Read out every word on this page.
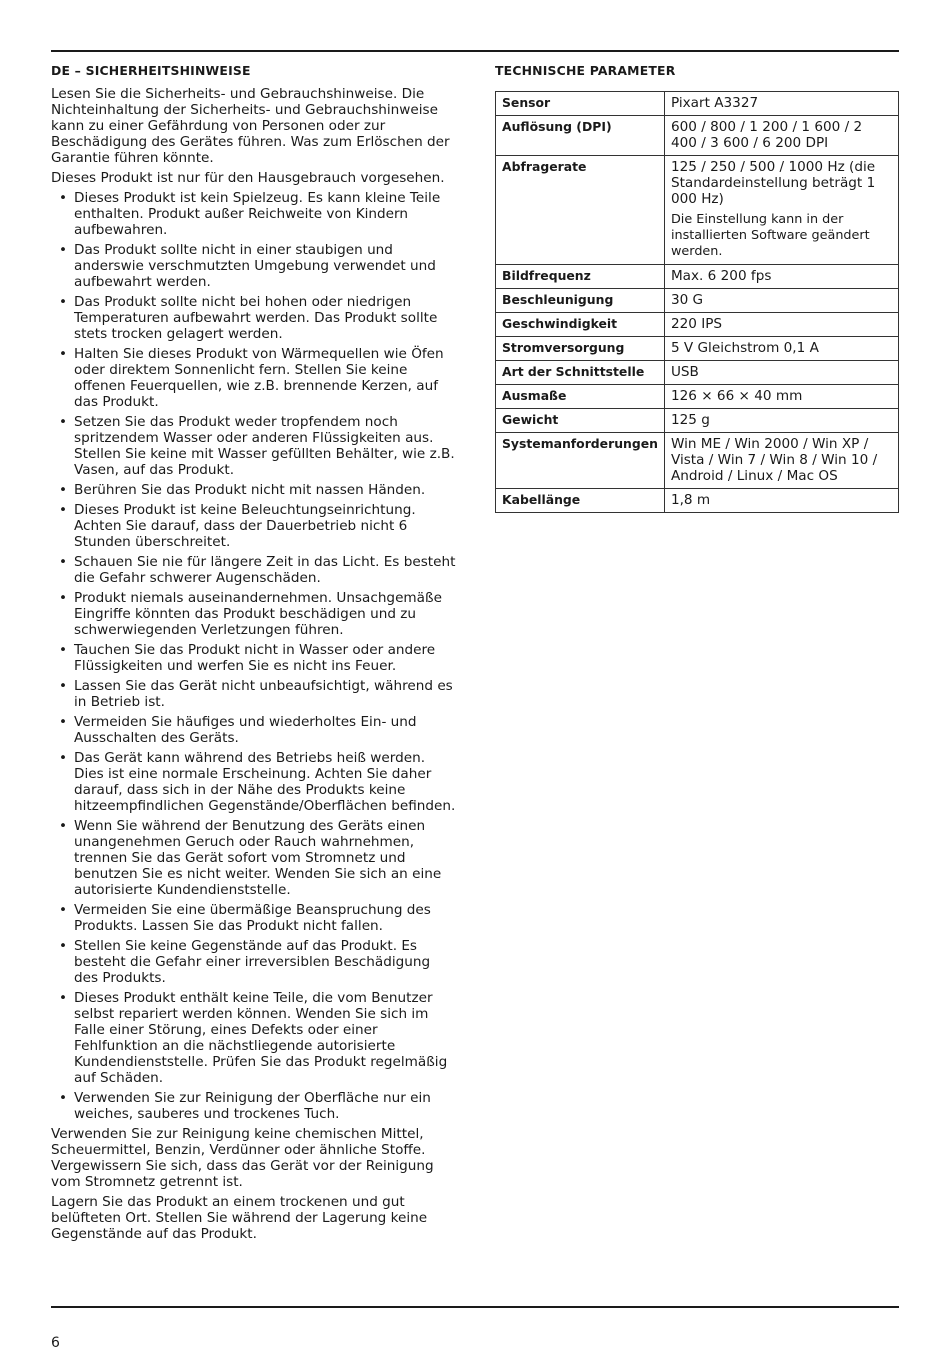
DE – SICHERHEITSHINWEISE

Lesen Sie die Sicherheits- und Gebrauchshinweise. Die Nichteinhaltung der Sicherheits- und Gebrauchshinweise kann zu einer Gefährdung von Personen oder zur Beschädigung des Gerätes führen. Was zum Erlöschen der Garantie führen könnte.

Dieses Produkt ist nur für den Hausgebrauch vorgesehen.

• Dieses Produkt ist kein Spielzeug. Es kann kleine Teile enthalten. Produkt außer Reichweite von Kindern aufbewahren.
• Das Produkt sollte nicht in einer staubigen und anderswie verschmutzten Umgebung verwendet und aufbewahrt werden.
• Das Produkt sollte nicht bei hohen oder niedrigen Temperaturen aufbewahrt werden. Das Produkt sollte stets trocken gelagert werden.
• Halten Sie dieses Produkt von Wärmequellen wie Öfen oder direktem Sonnenlicht fern. Stellen Sie keine offenen Feuerquellen, wie z.B. brennende Kerzen, auf das Produkt.
• Setzen Sie das Produkt weder tropfendem noch spritzendem Wasser oder anderen Flüssigkeiten aus. Stellen Sie keine mit Wasser gefüllten Behälter, wie z.B. Vasen, auf das Produkt.
• Berühren Sie das Produkt nicht mit nassen Händen.
• Dieses Produkt ist keine Beleuchtungseinrichtung. Achten Sie darauf, dass der Dauerbetrieb nicht 6 Stunden überschreitet.
• Schauen Sie nie für längere Zeit in das Licht. Es besteht die Gefahr schwerer Augenschäden.
• Produkt niemals auseinandernehmen. Unsachgemäße Eingriffe könnten das Produkt beschädigen und zu schwerwiegenden Verletzungen führen.
• Tauchen Sie das Produkt nicht in Wasser oder andere Flüssigkeiten und werfen Sie es nicht ins Feuer.
• Lassen Sie das Gerät nicht unbeaufsichtigt, während es in Betrieb ist.
• Vermeiden Sie häufiges und wiederholtes Ein- und Ausschalten des Geräts.
• Das Gerät kann während des Betriebs heiß werden. Dies ist eine normale Erscheinung. Achten Sie daher darauf, dass sich in der Nähe des Produkts keine hitzeempfindlichen Gegenstände/Oberflächen befinden.
• Wenn Sie während der Benutzung des Geräts einen unangenehmen Geruch oder Rauch wahrnehmen, trennen Sie das Gerät sofort vom Stromnetz und benutzen Sie es nicht weiter. Wenden Sie sich an eine autorisierte Kundendienststelle.
• Vermeiden Sie eine übermäßige Beanspruchung des Produkts. Lassen Sie das Produkt nicht fallen.
• Stellen Sie keine Gegenstände auf das Produkt. Es besteht die Gefahr einer irreversiblen Beschädigung des Produkts.
• Dieses Produkt enthält keine Teile, die vom Benutzer selbst repariert werden können. Wenden Sie sich im Falle einer Störung, eines Defekts oder einer Fehlfunktion an die nächstliegende autorisierte Kundendienststelle. Prüfen Sie das Produkt regelmäßig auf Schäden.
• Verwenden Sie zur Reinigung der Oberfläche nur ein weiches, sauberes und trockenes Tuch.

Verwenden Sie zur Reinigung keine chemischen Mittel, Scheuermittel, Benzin, Verdünner oder ähnliche Stoffe. Vergewissern Sie sich, dass das Gerät vor der Reinigung vom Stromnetz getrennt ist.

Lagern Sie das Produkt an einem trockenen und gut belüfteten Ort. Stellen Sie während der Lagerung keine Gegenstände auf das Produkt.

TECHNISCHE PARAMETER
Sensor	Pixart A3327
Auflösung (DPI)	600 / 800 / 1 200 / 1 600 / 2 400 / 3 600 / 6 200 DPI
Abfragerate	125 / 250 / 500 / 1000 Hz (die Standardeinstellung beträgt 1 000 Hz)

Die Einstellung kann in der installierten Software geändert werden.

Bildfrequenz	Max. 6 200 fps
Beschleunigung	30 G
Geschwindigkeit	220 IPS
Stromversorgung	5 V Gleichstrom 0,1 A
Art der Schnittstelle	USB
Ausmaße	126 × 66 × 40 mm
Gewicht	125 g
Systemanforderungen	Win ME / Win 2000 / Win XP / Vista / Win 7 / Win 8 / Win 10 / Android / Linux / Mac OS
Kabellänge	1,8 m
6
